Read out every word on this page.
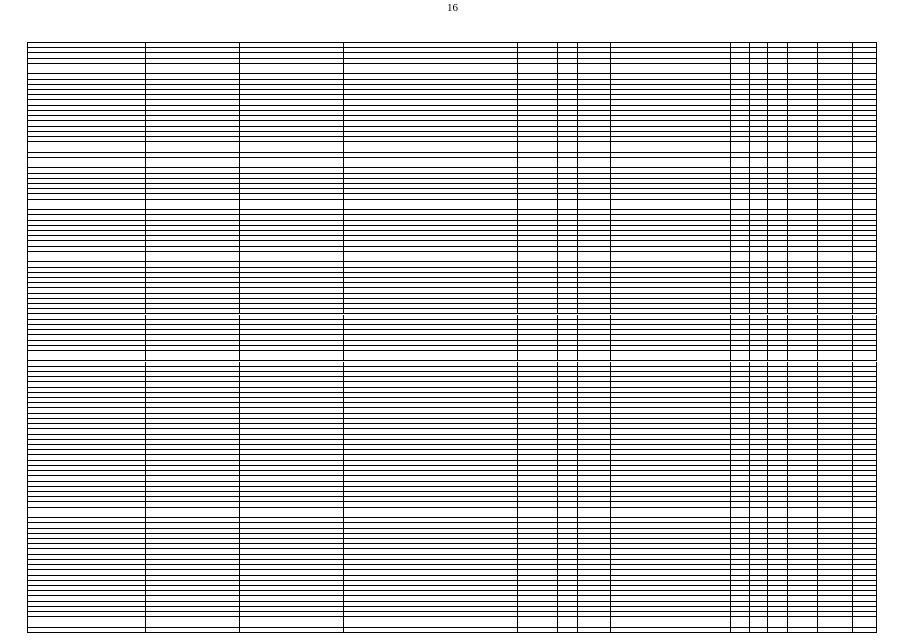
16
